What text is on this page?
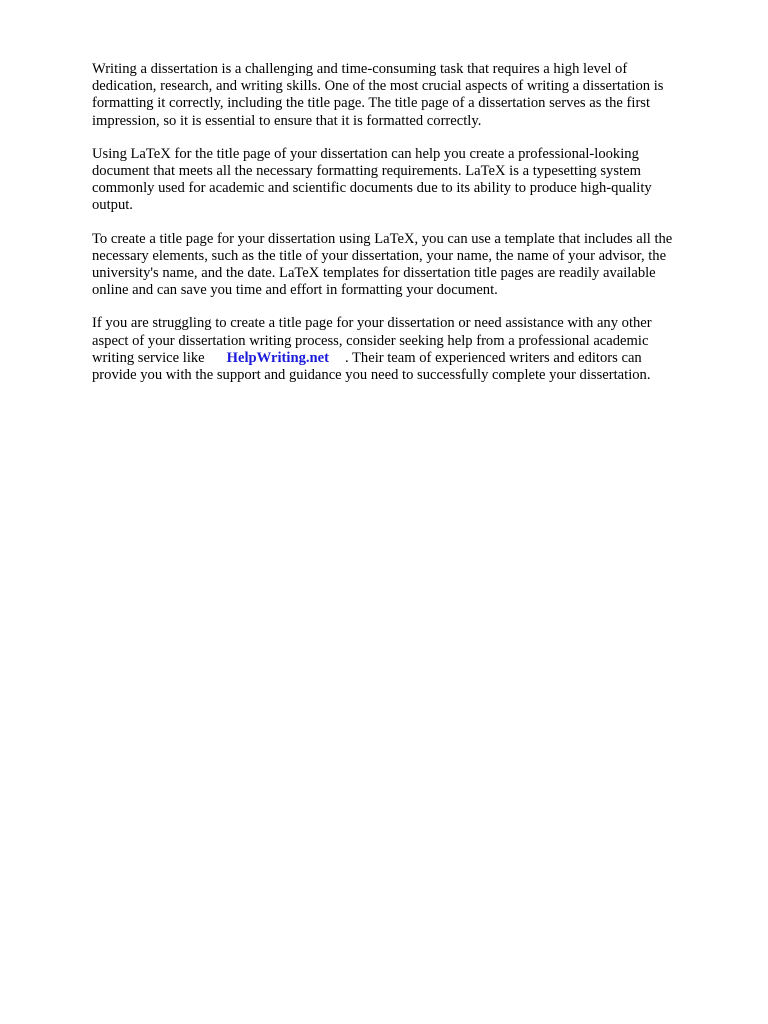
Writing a dissertation is a challenging and time-consuming task that requires a high level of
dedication, research, and writing skills. One of the most crucial aspects of writing a dissertation is
formatting it correctly, including the title page. The title page of a dissertation serves as the first
impression, so it is essential to ensure that it is formatted correctly.

Using LaTeX for the title page of your dissertation can help you create a professional-looking
document that meets all the necessary formatting requirements. LaTeX is a typesetting system
commonly used for academic and scientific documents due to its ability to produce high-quality
output.

To create a title page for your dissertation using LaTeX, you can use a template that includes all the
necessary elements, such as the title of your dissertation, your name, the name of your advisor, the
university's name, and the date. LaTeX templates for dissertation title pages are readily available
online and can save you time and effort in formatting your document.

If you are struggling to create a title page for your dissertation or need assistance with any other
aspect of your dissertation writing process, consider seeking help from a professional academic
writing service like HelpWriting.net . Their team of experienced writers and editors can
provide you with the support and guidance you need to successfully complete your dissertation.
